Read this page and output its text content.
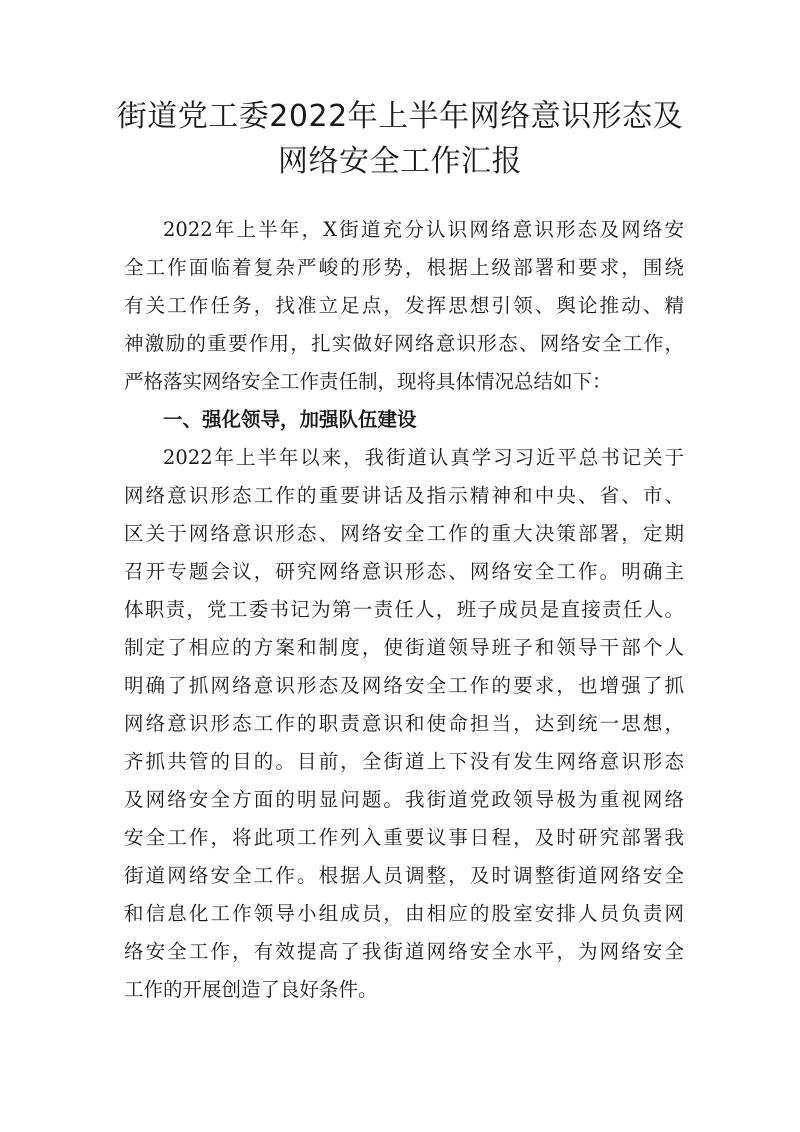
街道党工委2022年上半年网络意识形态及
网络安全工作汇报
2022年上半年，X街道充分认识网络意识形态及网络安
全工作面临着复杂严峻的形势，根据上级部署和要求，围绕
有关工作任务，找准立足点，发挥思想引领、舆论推动、精
神激励的重要作用，扎实做好网络意识形态、网络安全工作，
严格落实网络安全工作责任制，现将具体情况总结如下：
一、强化领导，加强队伍建设
2022年上半年以来，我街道认真学习习近平总书记关于
网络意识形态工作的重要讲话及指示精神和中央、省、市、
区关于网络意识形态、网络安全工作的重大决策部署，定期
召开专题会议，研究网络意识形态、网络安全工作。明确主
体职责，党工委书记为第一责任人，班子成员是直接责任人。
制定了相应的方案和制度，使街道领导班子和领导干部个人
明确了抓网络意识形态及网络安全工作的要求，也增强了抓
网络意识形态工作的职责意识和使命担当，达到统一思想，
齐抓共管的目的。目前，全街道上下没有发生网络意识形态
及网络安全方面的明显问题。我街道党政领导极为重视网络
安全工作，将此项工作列入重要议事日程，及时研究部署我
街道网络安全工作。根据人员调整，及时调整街道网络安全
和信息化工作领导小组成员，由相应的股室安排人员负责网
络安全工作，有效提高了我街道网络安全水平，为网络安全
工作的开展创造了良好条件。
